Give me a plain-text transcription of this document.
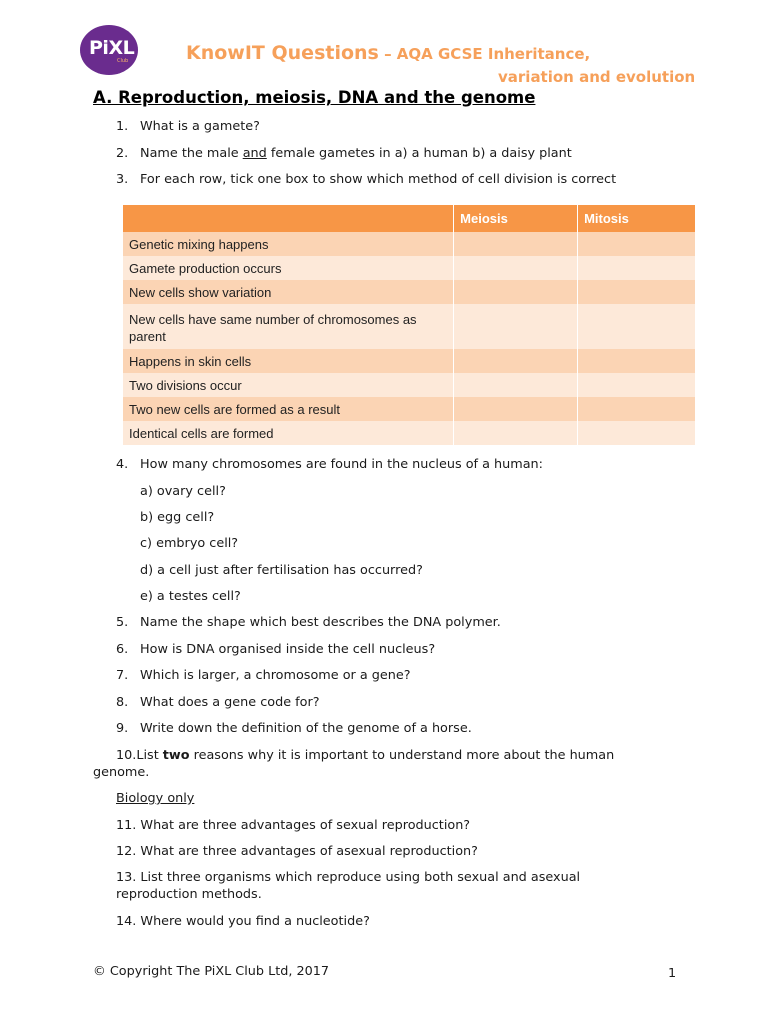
PiXL
Club	KnowIT Questions – AQA GCSE Inheritance,
variation and evolution
A. Reproduction, meiosis, DNA and the genome
1. What is a gamete?
2. Name the male and female gametes in a) a human b) a daisy plant
3. For each row, tick one box to show which method of cell division is correct
	Meiosis	Mitosis
Genetic mixing happens		
Gamete production occurs		
New cells show variation		
New cells have same number of chromosomes as parent		
Happens in skin cells		
Two divisions occur		
Two new cells are formed as a result		
Identical cells are formed		
4. How many chromosomes are found in the nucleus of a human:
a) ovary cell?
b) egg cell?
c) embryo cell?
d) a cell just after fertilisation has occurred?
e) a testes cell?
5. Name the shape which best describes the DNA polymer.
6. How is DNA organised inside the cell nucleus?
7. Which is larger, a chromosome or a gene?
8. What does a gene code for?
9. Write down the definition of the genome of a horse.
10.List two reasons why it is important to understand more about the human
genome.
Biology only
11. What are three advantages of sexual reproduction?
12. What are three advantages of asexual reproduction?
13. List three organisms which reproduce using both sexual and asexual
reproduction methods.
14. Where would you find a nucleotide?
© Copyright The PiXL Club Ltd, 2017	1
